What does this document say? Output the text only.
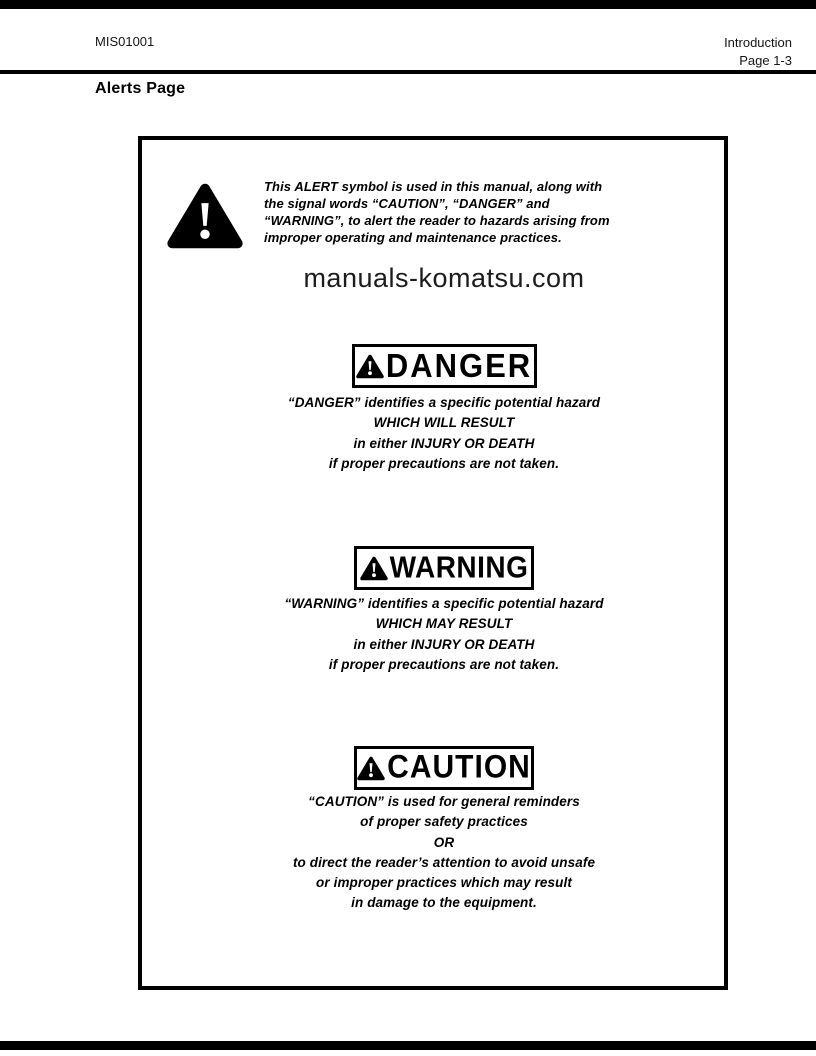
MIS01001	Introduction
Page 1-3
Alerts Page
This ALERT symbol is used in this manual, along with
the signal words “CAUTION”, “DANGER” and
“WARNING”, to alert the reader to hazards arising from
improper operating and maintenance practices.
manuals-komatsu.com
DANGER
“DANGER” identifies a specific potential hazard
WHICH WILL RESULT
in either INJURY OR DEATH
if proper precautions are not taken.
WARNING
“WARNING” identifies a specific potential hazard
WHICH MAY RESULT
in either INJURY OR DEATH
if proper precautions are not taken.
CAUTION
“CAUTION” is used for general reminders
of proper safety practices
OR
to direct the reader’s attention to avoid unsafe
or improper practices which may result
in damage to the equipment.
